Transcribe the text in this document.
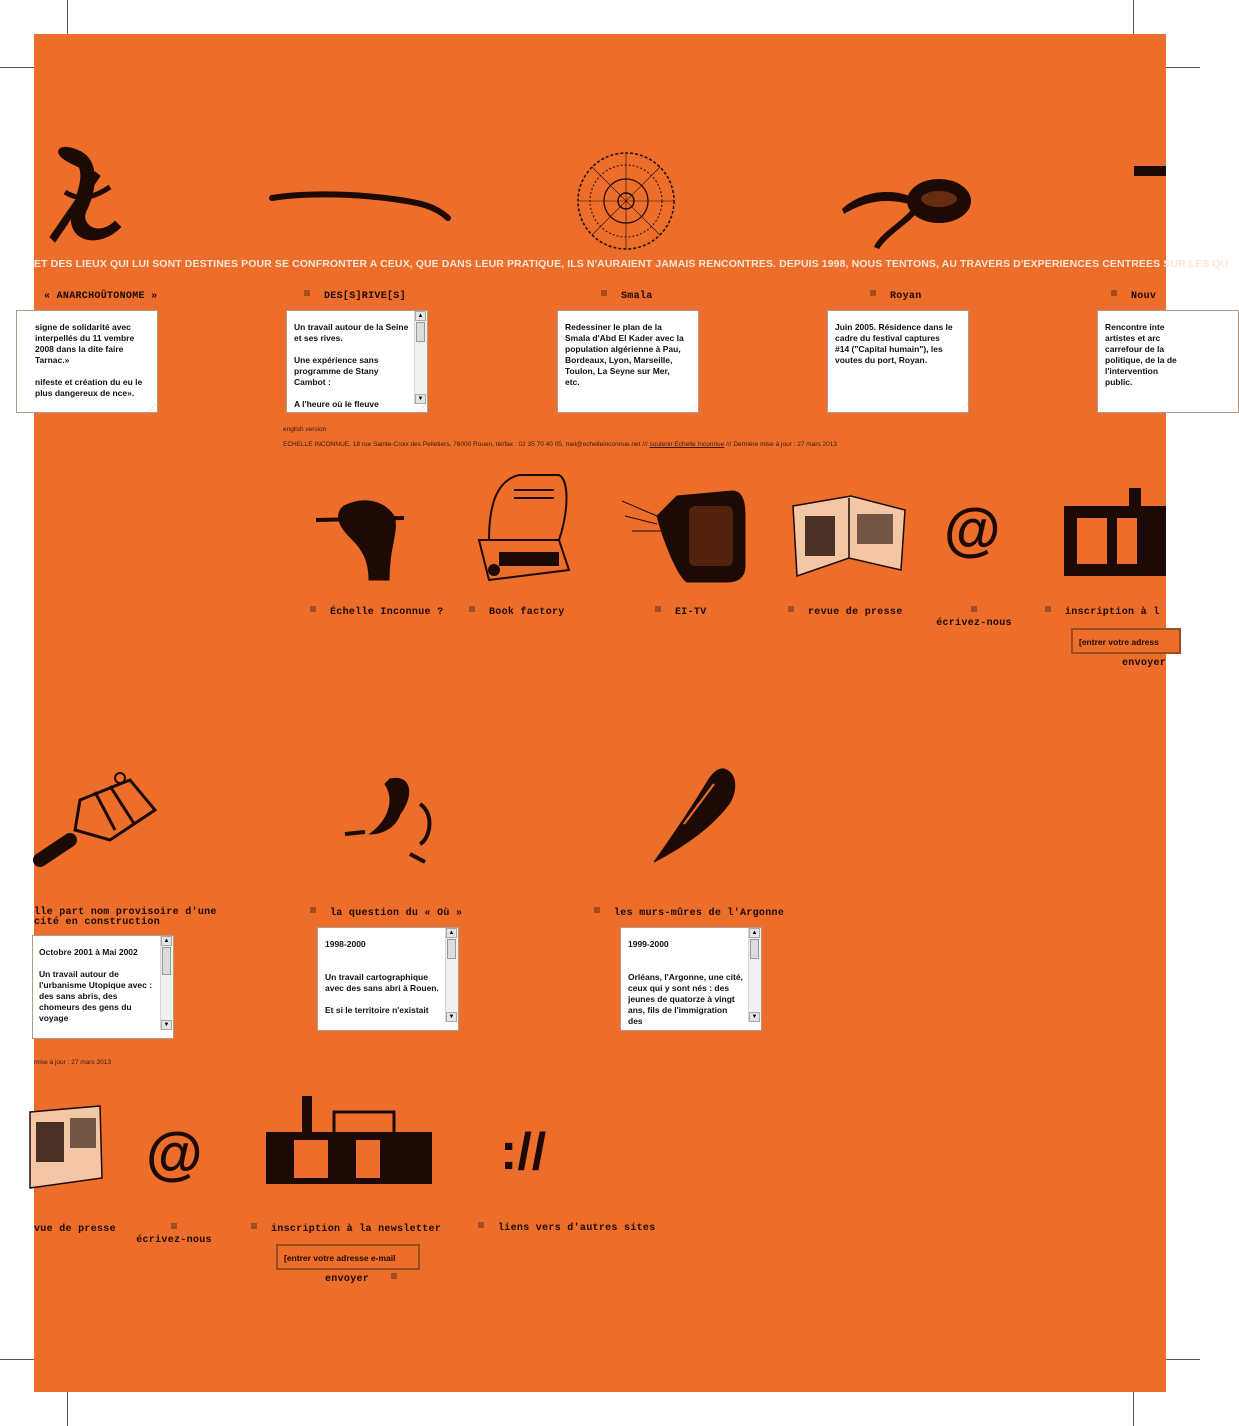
ET DES LIEUX QUI LUI SONT DESTINES POUR SE CONFRONTER A CEUX, QUE DANS LEUR PRATIQUE, ILS N'AURAIENT JAMAIS RENCONTRES. DEPUIS 1998, NOUS TENTONS, AU TRAVERS D'EXPERIENCES CENTREES SUR LES QU
« ANARCHOÛTONOME »	DES[S]RIVE[S]	Smala	Royan	Nouv

signe de solidarité avec interpellés du 11 vembre 2008 dans la dite faire Tarnac.»

nifeste et création du eu le plus dangereux de nce».

⋰

Un travail autour de la Seine et ses rives.

Une expérience sans programme de Stany Cambot :

A l'heure où le fleuve

▲
▼
⋰

Redessiner le plan de la Smala d'Abd El Kader avec la population algérienne à Pau, Bordeaux, Lyon, Marseille, Toulon, La Seyne sur Mer, etc.

⋰

Juin 2005. Résidence dans le cadre du festival captures #14 ("Capital humain"), les voutes du port, Royan.

⋰

Rencontre inte artistes et arc carrefour de la politique, de la de l'intervention public.

english version
ECHELLE INCONNUE, 18 rue Sainte-Croix des Pelletiers, 76000 Rouen, tél/fax : 02 35 70 40 05, mel@echelleinconnue.net /// soutenir Echelle Inconnue /// Dernière mise à jour : 27 mars 2013
@
Échelle Inconnue ?	Book factory	EI-TV	revue de presse

écrivez-nous
inscription à l
[entrer votre adress
envoyer
lle part nom provisoire d'une cité en construction
la question du « Où »	les murs-mûres de l'Argonne

Octobre 2001 à Mai 2002

Un travail autour de l'urbanisme Utopique avec : des sans abris, des chomeurs des gens du voyage

▲
▼

1998-2000

Un travail cartographique avec des sans abri à Rouen.

Et si le territoire n'existait

▲
▼

1999-2000

Orléans, l'Argonne, une cité, ceux qui y sont nés : des jeunes de quatorze à vingt ans, fils de l'immigration des

▲
▼
mise à jour : 27 mars 2013
@	://
vue de presse

écrivez-nous
inscription à la newsletter	liens vers d'autres sites
[entrer votre adresse e-mail
envoyer
